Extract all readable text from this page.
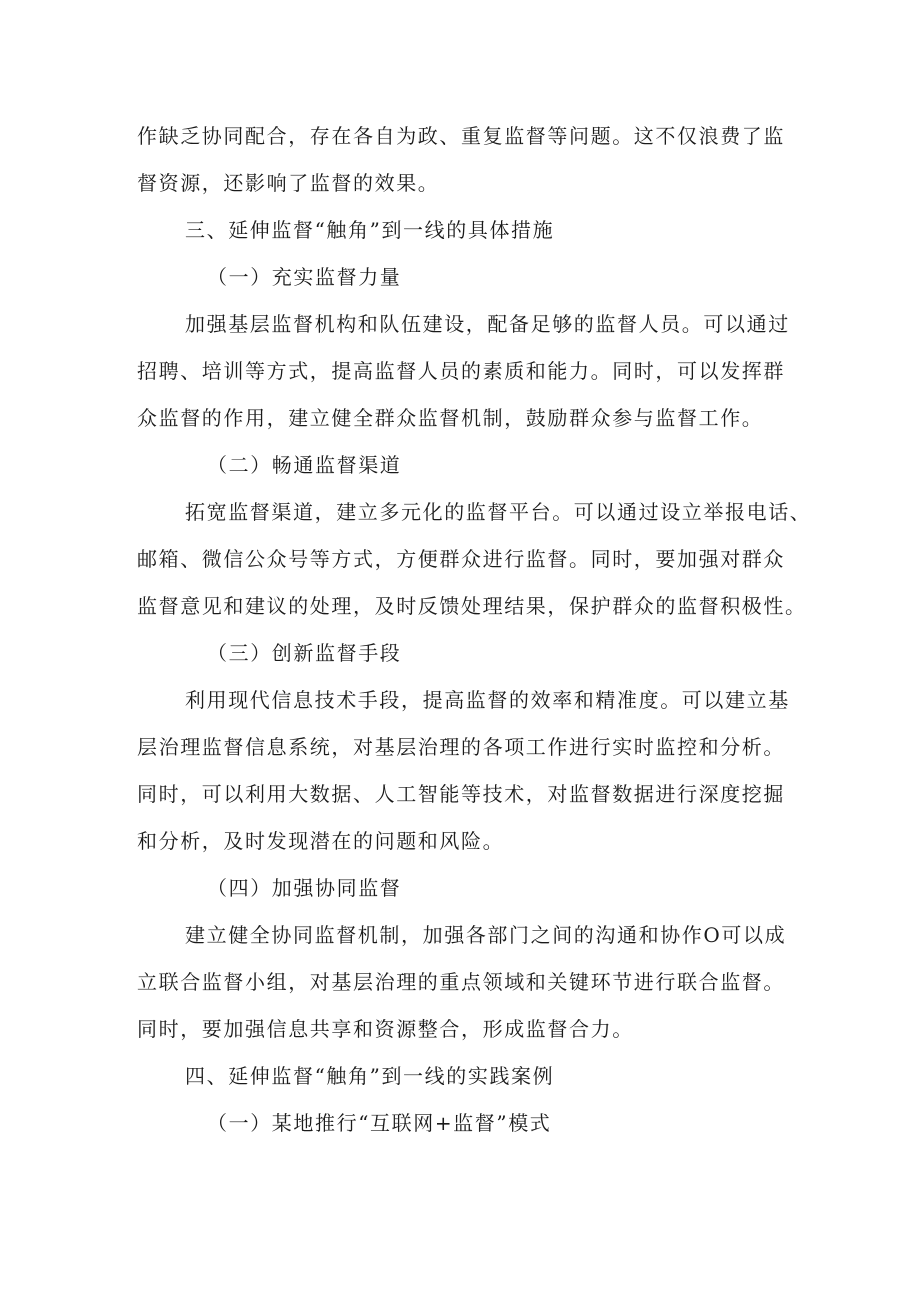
作缺乏协同配合，存在各自为政、重复监督等问题。这不仅浪费了监
督资源，还影响了监督的效果。
三、延伸监督“触角”到一线的具体措施
（一）充实监督力量
加强基层监督机构和队伍建设，配备足够的监督人员。可以通过
招聘、培训等方式，提高监督人员的素质和能力。同时，可以发挥群
众监督的作用，建立健全群众监督机制，鼓励群众参与监督工作。
（二）畅通监督渠道
拓宽监督渠道，建立多元化的监督平台。可以通过设立举报电话、
邮箱、微信公众号等方式，方便群众进行监督。同时，要加强对群众
监督意见和建议的处理，及时反馈处理结果，保护群众的监督积极性。
（三）创新监督手段
利用现代信息技术手段，提高监督的效率和精准度。可以建立基
层治理监督信息系统，对基层治理的各项工作进行实时监控和分析。
同时，可以利用大数据、人工智能等技术，对监督数据进行深度挖掘
和分析，及时发现潜在的问题和风险。
（四）加强协同监督
建立健全协同监督机制，加强各部门之间的沟通和协作O可以成
立联合监督小组，对基层治理的重点领域和关键环节进行联合监督。
同时，要加强信息共享和资源整合，形成监督合力。
四、延伸监督“触角”到一线的实践案例
（一）某地推行“互联网+监督”模式
